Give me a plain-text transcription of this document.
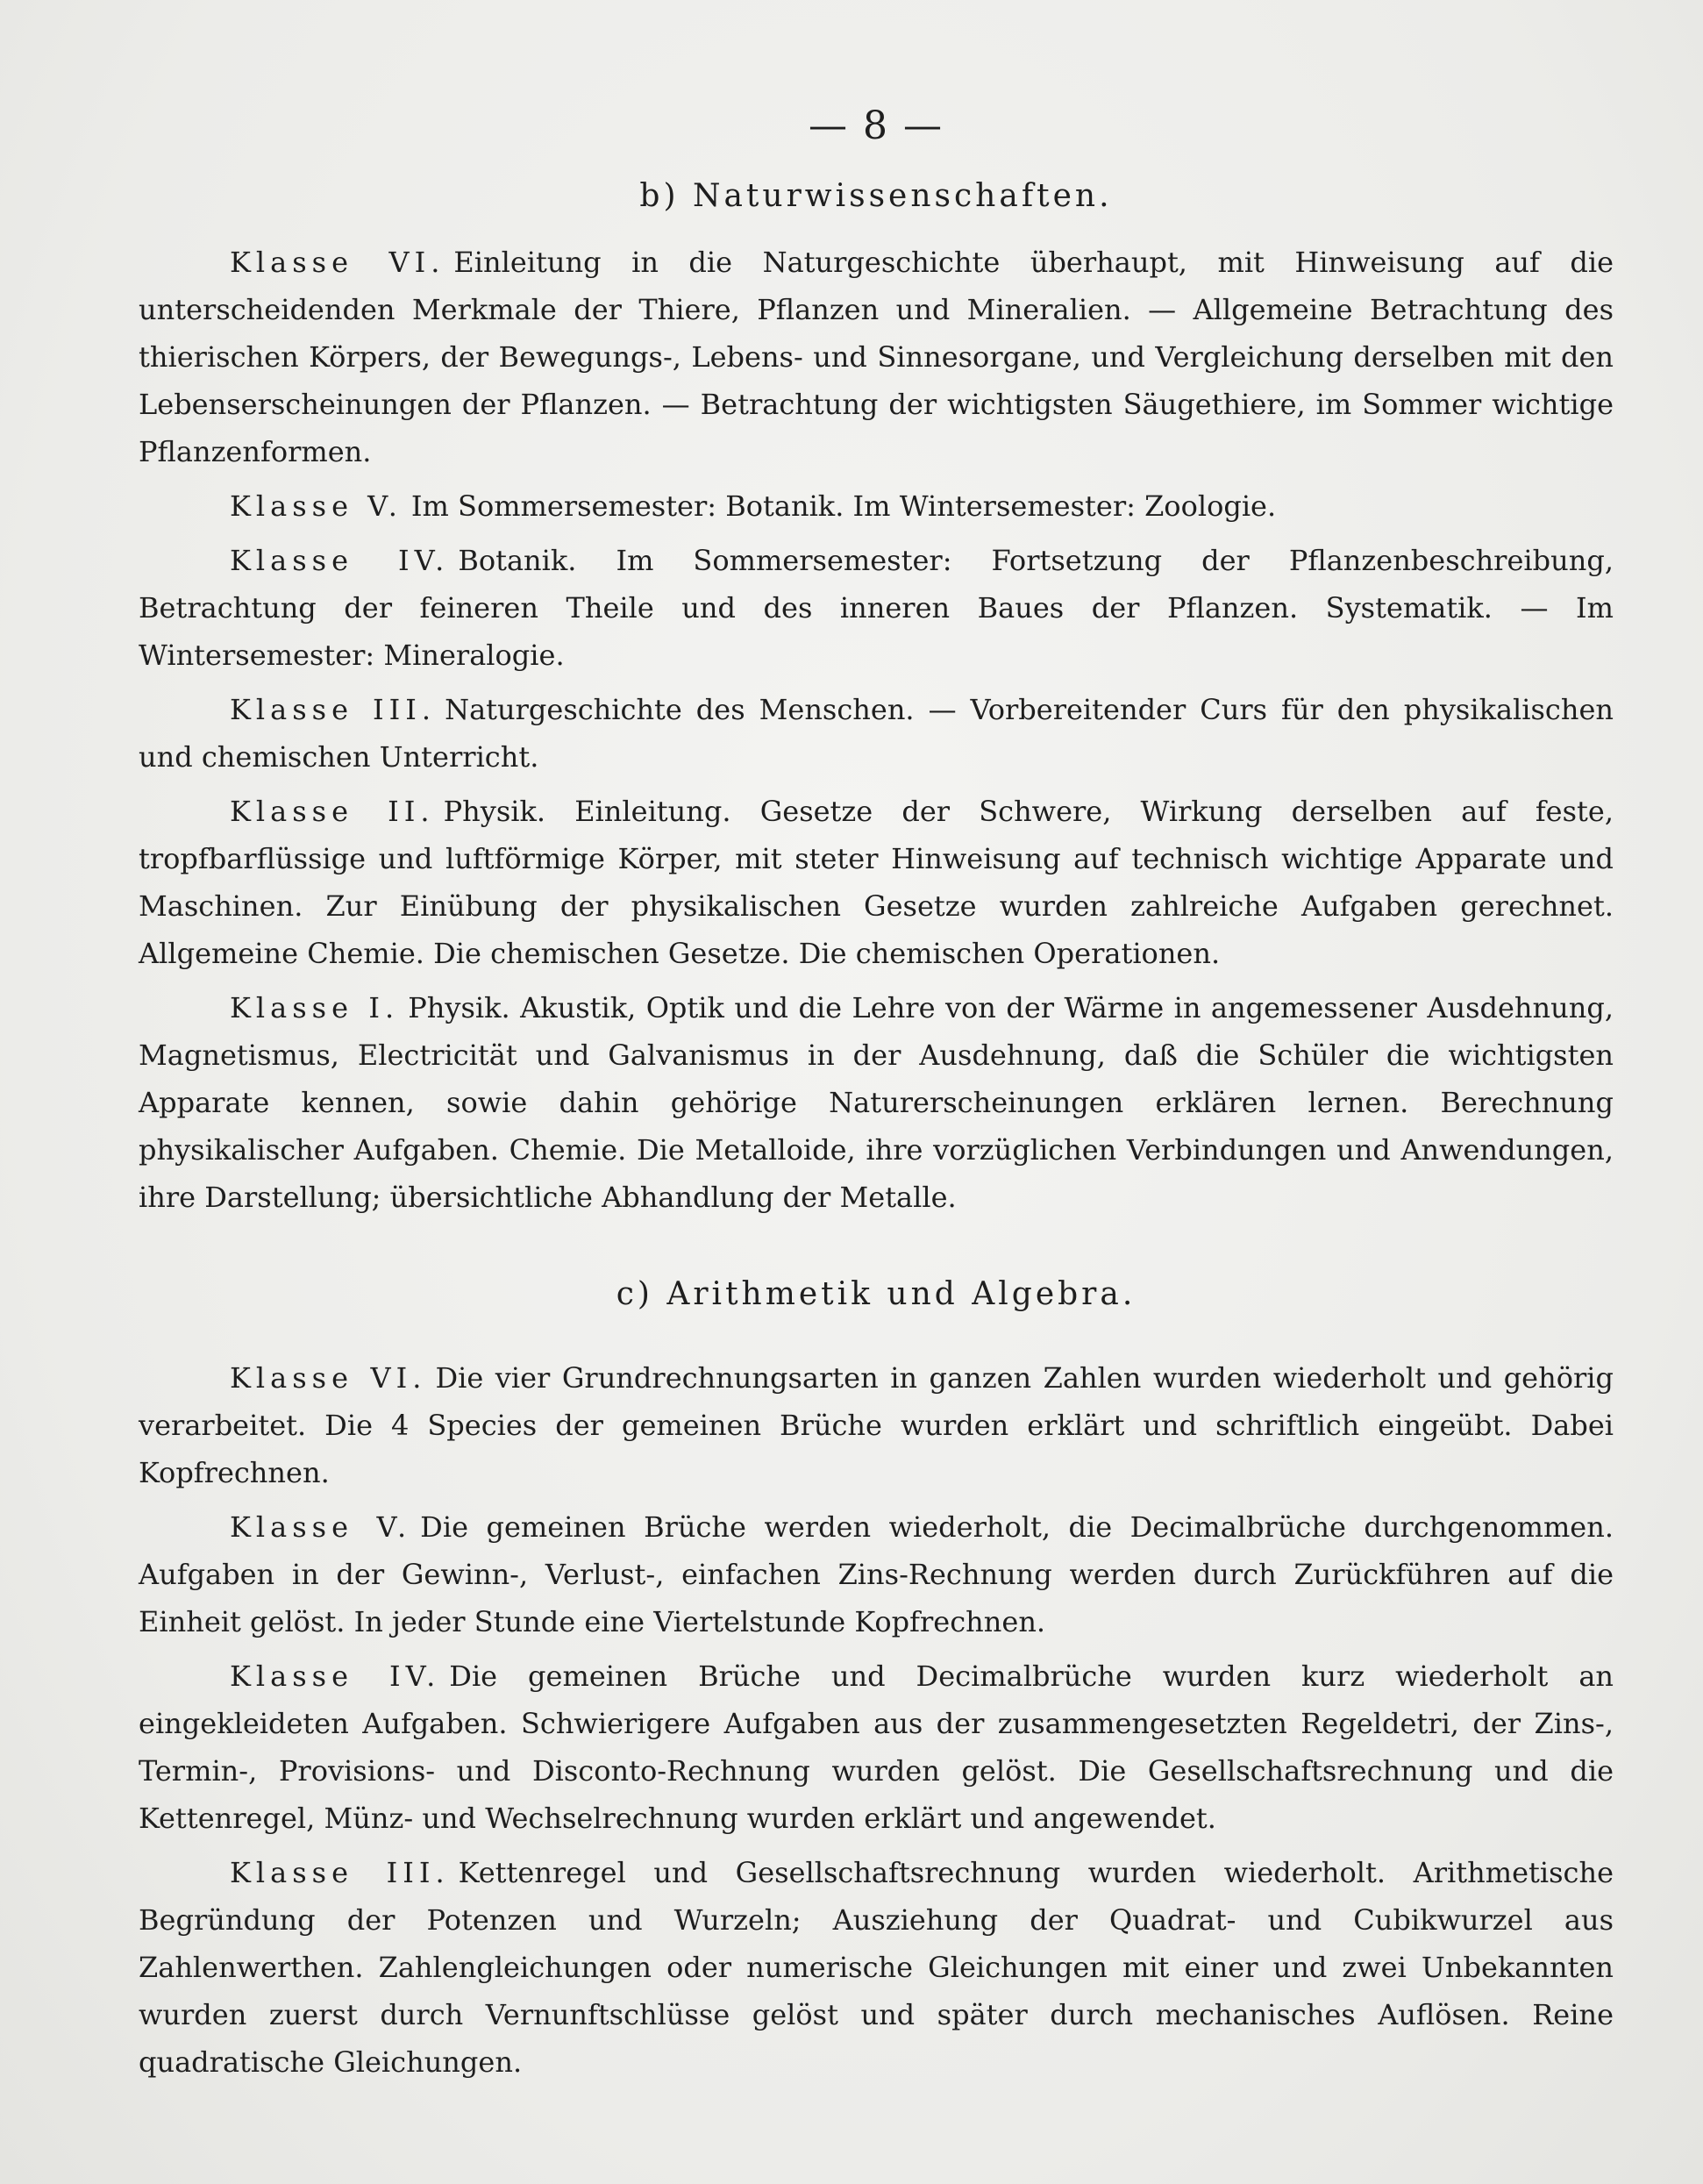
— 8 —
b) Naturwissenschaften.

Klasse VI. Einleitung in die Naturgeschichte überhaupt, mit Hinweisung auf die unterscheidenden Merkmale der Thiere, Pflanzen und Mineralien. — Allgemeine Betrachtung des thierischen Körpers, der Bewegungs-, Lebens- und Sinnesorgane, und Vergleichung derselben mit den Lebenserscheinungen der Pflanzen. — Betrachtung der wichtigsten Säugethiere, im Sommer wichtige Pflanzenformen.

Klasse V. Im Sommersemester: Botanik. Im Wintersemester: Zoologie.

Klasse IV. Botanik. Im Sommersemester: Fortsetzung der Pflanzenbeschreibung, Betrachtung der feineren Theile und des inneren Baues der Pflanzen. Systematik. — Im Wintersemester: Mineralogie.

Klasse III. Naturgeschichte des Menschen. — Vorbereitender Curs für den physikalischen und chemischen Unterricht.

Klasse II. Physik. Einleitung. Gesetze der Schwere, Wirkung derselben auf feste, tropfbarflüssige und luftförmige Körper, mit steter Hinweisung auf technisch wichtige Apparate und Maschinen. Zur Einübung der physikalischen Gesetze wurden zahlreiche Aufgaben gerechnet. Allgemeine Chemie. Die chemischen Gesetze. Die chemischen Operationen.

Klasse I. Physik. Akustik, Optik und die Lehre von der Wärme in angemessener Ausdehnung, Magnetismus, Electricität und Galvanismus in der Ausdehnung, daß die Schüler die wichtigsten Apparate kennen, sowie dahin gehörige Naturerscheinungen erklären lernen. Berechnung physikalischer Aufgaben. Chemie. Die Metalloide, ihre vorzüglichen Verbindungen und Anwendungen, ihre Darstellung; übersichtliche Abhandlung der Metalle.

c) Arithmetik und Algebra.

Klasse VI. Die vier Grundrechnungsarten in ganzen Zahlen wurden wiederholt und gehörig verarbeitet. Die 4 Species der gemeinen Brüche wurden erklärt und schriftlich eingeübt. Dabei Kopfrechnen.

Klasse V. Die gemeinen Brüche werden wiederholt, die Decimalbrüche durchgenommen. Aufgaben in der Gewinn-, Verlust-, einfachen Zins-Rechnung werden durch Zurückführen auf die Einheit gelöst. In jeder Stunde eine Viertelstunde Kopfrechnen.

Klasse IV. Die gemeinen Brüche und Decimalbrüche wurden kurz wiederholt an eingekleideten Aufgaben. Schwierigere Aufgaben aus der zusammengesetzten Regeldetri, der Zins-, Termin-, Provisions- und Disconto-Rechnung wurden gelöst. Die Gesellschaftsrechnung und die Kettenregel, Münz- und Wechselrechnung wurden erklärt und angewendet.

Klasse III. Kettenregel und Gesellschaftsrechnung wurden wiederholt. Arithmetische Begründung der Potenzen und Wurzeln; Ausziehung der Quadrat- und Cubikwurzel aus Zahlenwerthen. Zahlengleichungen oder numerische Gleichungen mit einer und zwei Unbekannten wurden zuerst durch Vernunftschlüsse gelöst und später durch mechanisches Auflösen. Reine quadratische Gleichungen.
